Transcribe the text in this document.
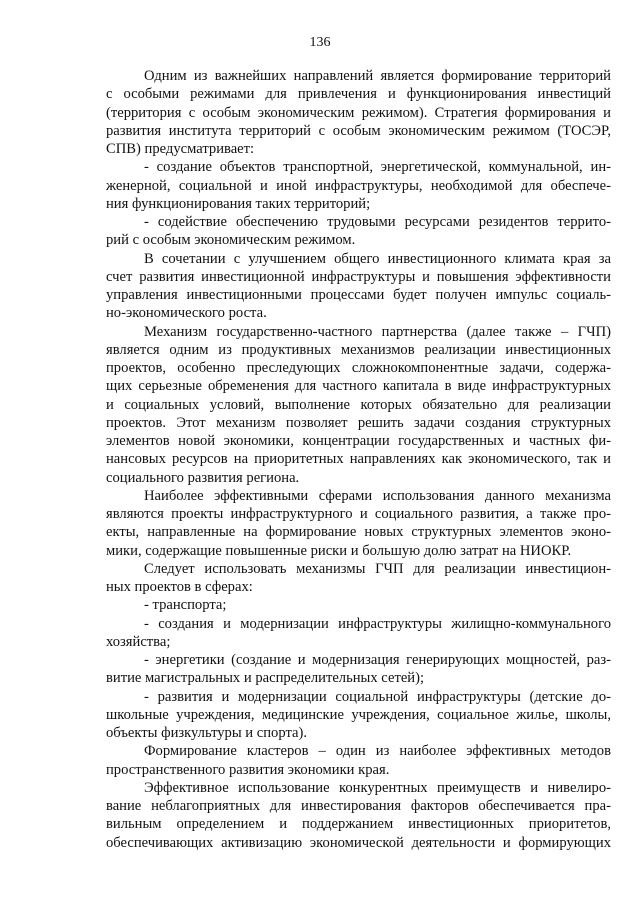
136
Одним из важнейших направлений является формирование территорий
с особыми режимами для привлечения и функционирования инвестиций
(территория с особым экономическим режимом). Стратегия формирования и
развития института территорий с особым экономическим режимом (ТОСЭР,
СПВ) предусматривает:
- создание объектов транспортной, энергетической, коммунальной, ин-
женерной, социальной и иной инфраструктуры, необходимой для обеспече-
ния функционирования таких территорий;
- содействие обеспечению трудовыми ресурсами резидентов террито-
рий с особым экономическим режимом.
В сочетании с улучшением общего инвестиционного климата края за
счет развития инвестиционной инфраструктуры и повышения эффективности
управления инвестиционными процессами будет получен импульс социаль-
но-экономического роста.
Механизм государственно-частного партнерства (далее также – ГЧП)
является одним из продуктивных механизмов реализации инвестиционных
проектов, особенно преследующих сложнокомпонентные задачи, содержа-
щих серьезные обременения для частного капитала в виде инфраструктурных
и социальных условий, выполнение которых обязательно для реализации
проектов. Этот механизм позволяет решить задачи создания структурных
элементов новой экономики, концентрации государственных и частных фи-
нансовых ресурсов на приоритетных направлениях как экономического, так и
социального развития региона.
Наиболее эффективными сферами использования данного механизма
являются проекты инфраструктурного и социального развития, а также про-
екты, направленные на формирование новых структурных элементов эконо-
мики, содержащие повышенные риски и большую долю затрат на НИОКР.
Следует использовать механизмы ГЧП для реализации инвестицион-
ных проектов в сферах:
- транспорта;
- создания и модернизации инфраструктуры жилищно-коммунального
хозяйства;
- энергетики (создание и модернизация генерирующих мощностей, раз-
витие магистральных и распределительных сетей);
- развития и модернизации социальной инфраструктуры (детские до-
школьные учреждения, медицинские учреждения, социальное жилье, школы,
объекты физкультуры и спорта).
Формирование кластеров – один из наиболее эффективных методов
пространственного развития экономики края.
Эффективное использование конкурентных преимуществ и нивелиро-
вание неблагоприятных для инвестирования факторов обеспечивается пра-
вильным определением и поддержанием инвестиционных приоритетов,
обеспечивающих активизацию экономической деятельности и формирующих
